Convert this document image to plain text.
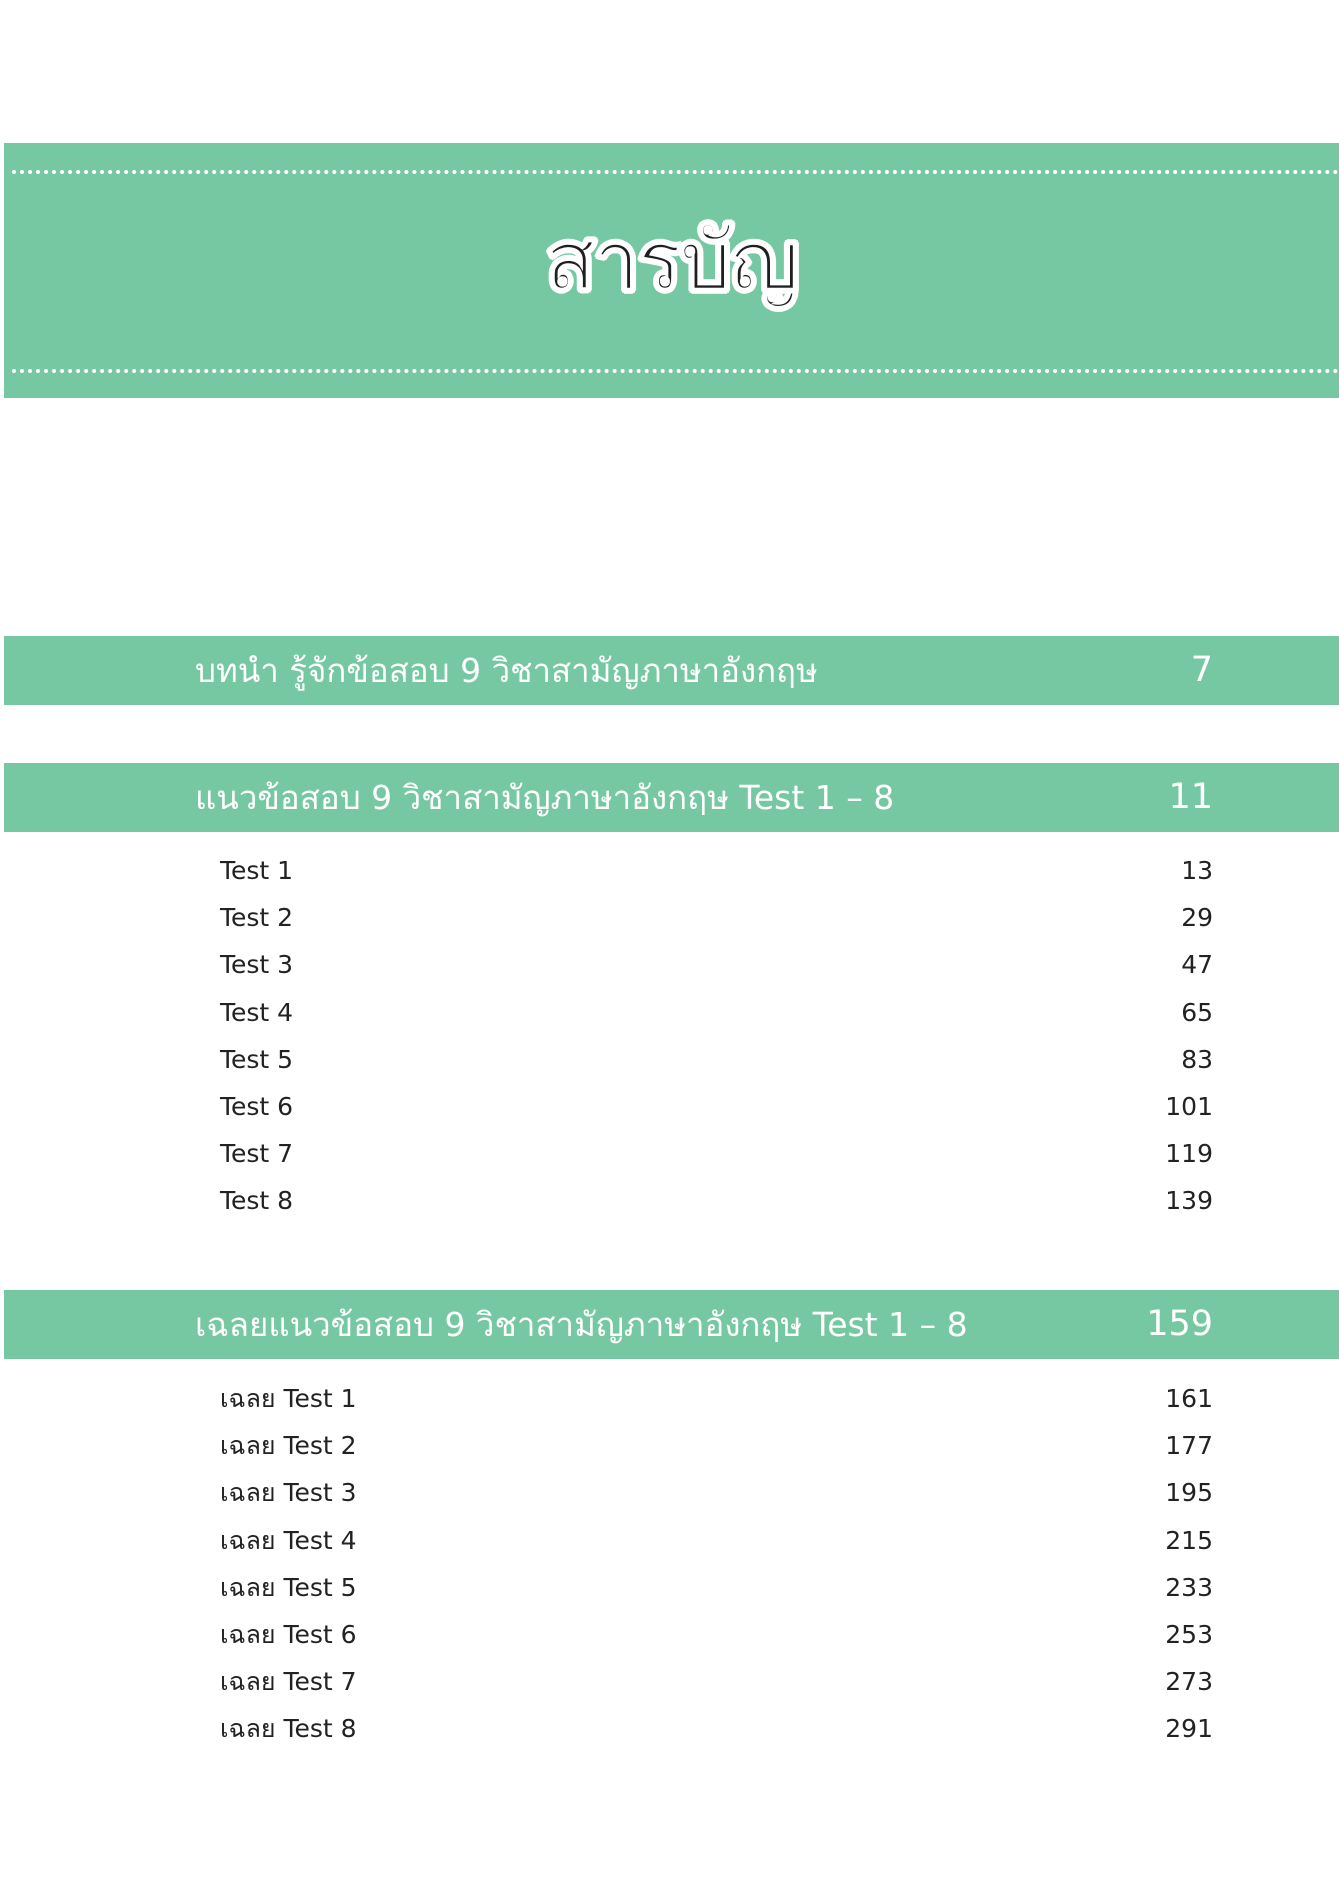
สารบัญ
บทนำ รู้จักข้อสอบ 9 วิชาสามัญภาษาอังกฤษ	7
แนวข้อสอบ 9 วิชาสามัญภาษาอังกฤษ Test 1 – 8	11
Test 1	13
Test 2	29
Test 3	47
Test 4	65
Test 5	83
Test 6	101
Test 7	119
Test 8	139
เฉลยแนวข้อสอบ 9 วิชาสามัญภาษาอังกฤษ Test 1 – 8	159
เฉลย Test 1	161
เฉลย Test 2	177
เฉลย Test 3	195
เฉลย Test 4	215
เฉลย Test 5	233
เฉลย Test 6	253
เฉลย Test 7	273
เฉลย Test 8	291
